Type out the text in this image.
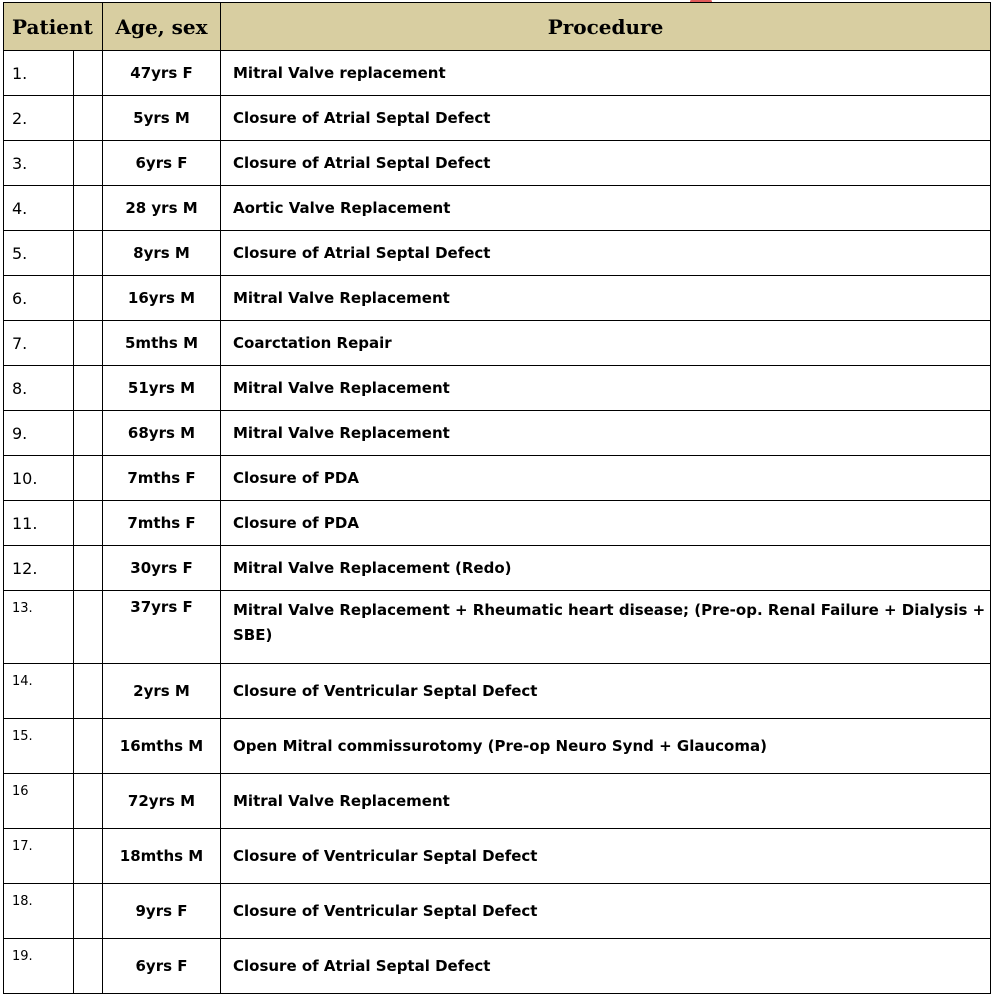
Patient		Age, sex	Procedure
1.		47yrs F	Mitral Valve replacement
2.		5yrs M	Closure of Atrial Septal Defect
3.		6yrs F	Closure of Atrial Septal Defect
4.		28 yrs M	Aortic Valve Replacement
5.		8yrs M	Closure of Atrial Septal Defect
6.		16yrs M	Mitral Valve Replacement
7.		5mths M	Coarctation Repair
8.		51yrs M	Mitral Valve Replacement
9.		68yrs M	Mitral Valve Replacement
10.		7mths F	Closure of PDA
11.		7mths F	Closure of PDA
12.		30yrs F	Mitral Valve Replacement (Redo)
13.		37yrs F	Mitral Valve Replacement + Rheumatic heart disease; (Pre-op. Renal Failure + Dialysis + SBE)
14.		2yrs M	Closure of Ventricular Septal Defect
15.		16mths M	Open Mitral commissurotomy (Pre-op Neuro Synd + Glaucoma)
16		72yrs M	Mitral Valve Replacement
17.		18mths M	Closure of Ventricular Septal Defect
18.		9yrs F	Closure of Ventricular Septal Defect
19.		6yrs F	Closure of Atrial Septal Defect
